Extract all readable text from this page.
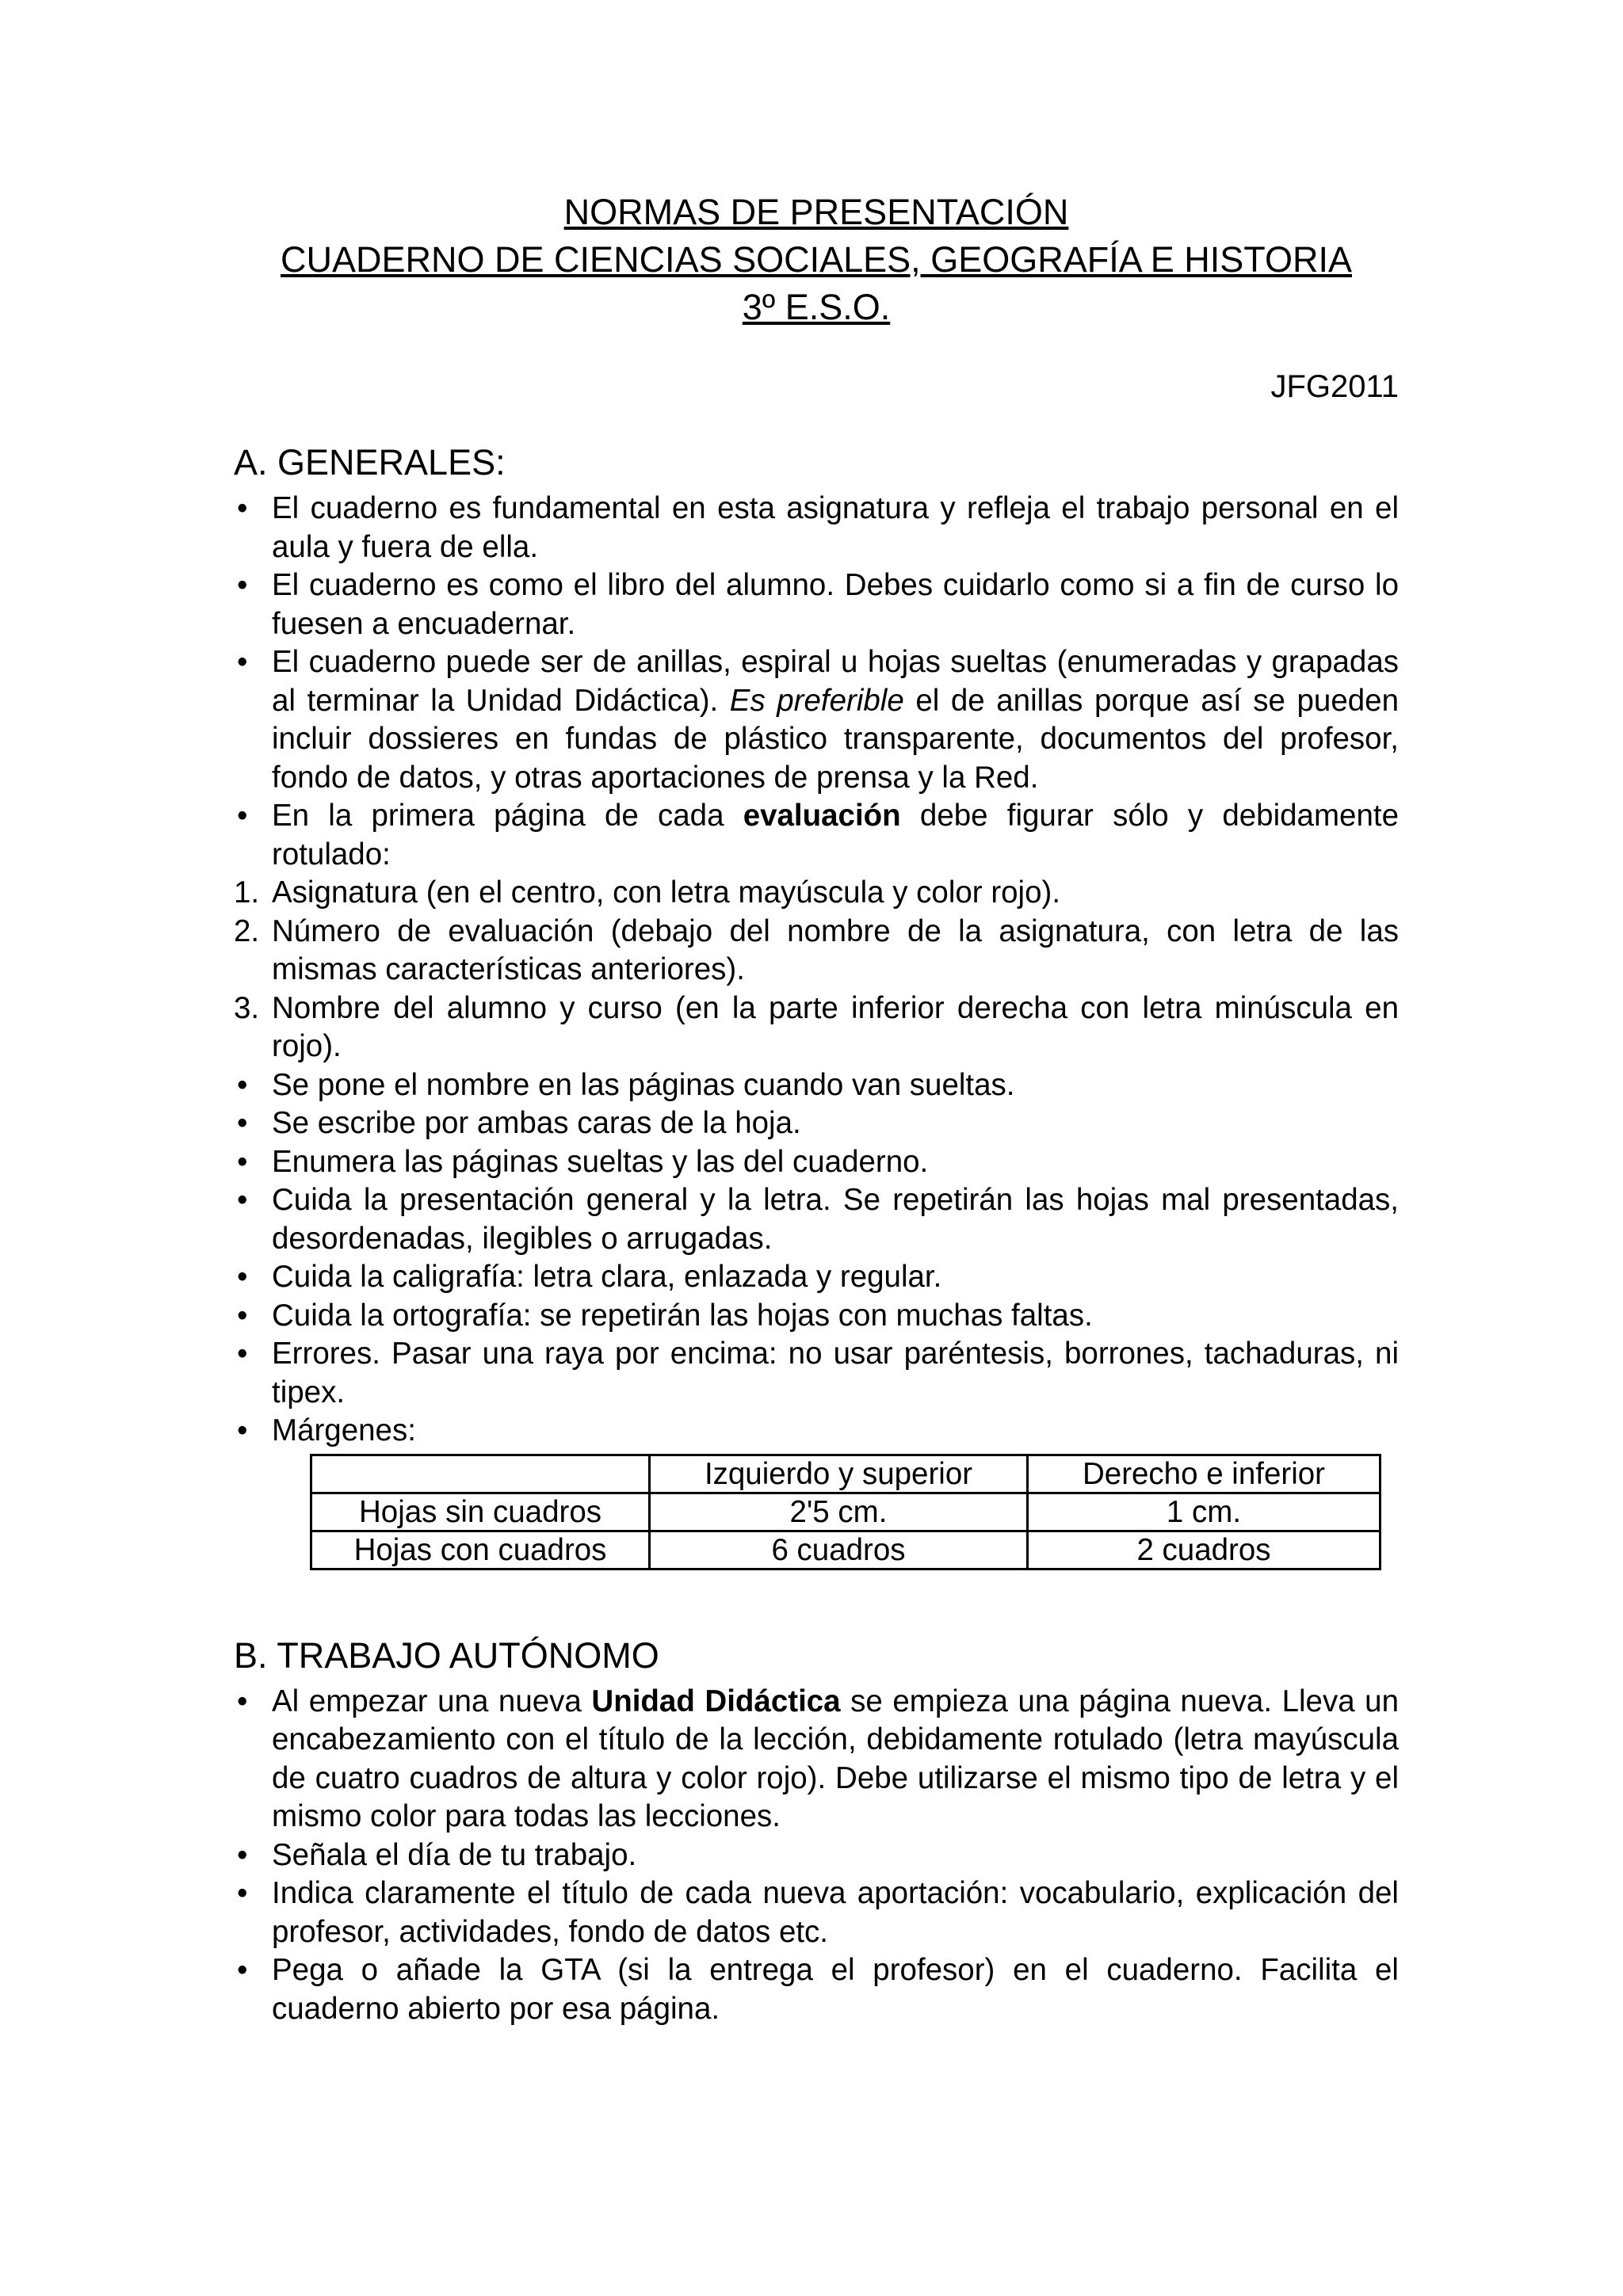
NORMAS DE PRESENTACIÓN
CUADERNO DE CIENCIAS SOCIALES, GEOGRAFÍA E HISTORIA
3º E.S.O.
JFG2011
A. GENERALES:
• El cuaderno es fundamental en esta asignatura y refleja el trabajo personal en el aula y fuera de ella.
• El cuaderno es como el libro del alumno. Debes cuidarlo como si a fin de curso lo fuesen a encuadernar.
• El cuaderno puede ser de anillas, espiral u hojas sueltas (enumeradas y grapadas al terminar la Unidad Didáctica). Es preferible el de anillas porque así se pueden incluir dossieres en fundas de plástico transparente, documentos del profesor, fondo de datos, y otras aportaciones de prensa y la Red.
• En la primera página de cada evaluación debe figurar sólo y debidamente rotulado:
1. Asignatura (en el centro, con letra mayúscula y color rojo).
2. Número de evaluación (debajo del nombre de la asignatura, con letra de las mismas características anteriores).
3. Nombre del alumno y curso (en la parte inferior derecha con letra minúscula en rojo).
• Se pone el nombre en las páginas cuando van sueltas.
• Se escribe por ambas caras de la hoja.
• Enumera las páginas sueltas y las del cuaderno.
• Cuida la presentación general y la letra. Se repetirán las hojas mal presentadas, desordenadas, ilegibles o arrugadas.
• Cuida la caligrafía: letra clara, enlazada y regular.
• Cuida la ortografía: se repetirán las hojas con muchas faltas.
• Errores. Pasar una raya por encima: no usar paréntesis, borrones, tachaduras, ni tipex.
• Márgenes:
	Izquierdo y superior	Derecho e inferior
Hojas sin cuadros	2'5 cm.	1 cm.
Hojas con cuadros	6 cuadros	2 cuadros
B. TRABAJO AUTÓNOMO
• Al empezar una nueva Unidad Didáctica se empieza una página nueva. Lleva un encabezamiento con el título de la lección, debidamente rotulado (letra mayúscula de cuatro cuadros de altura y color rojo). Debe utilizarse el mismo tipo de letra y el mismo color para todas las lecciones.
• Señala el día de tu trabajo.
• Indica claramente el título de cada nueva aportación: vocabulario, explicación del profesor, actividades, fondo de datos etc.
• Pega o añade la GTA (si la entrega el profesor) en el cuaderno. Facilita el cuaderno abierto por esa página.
